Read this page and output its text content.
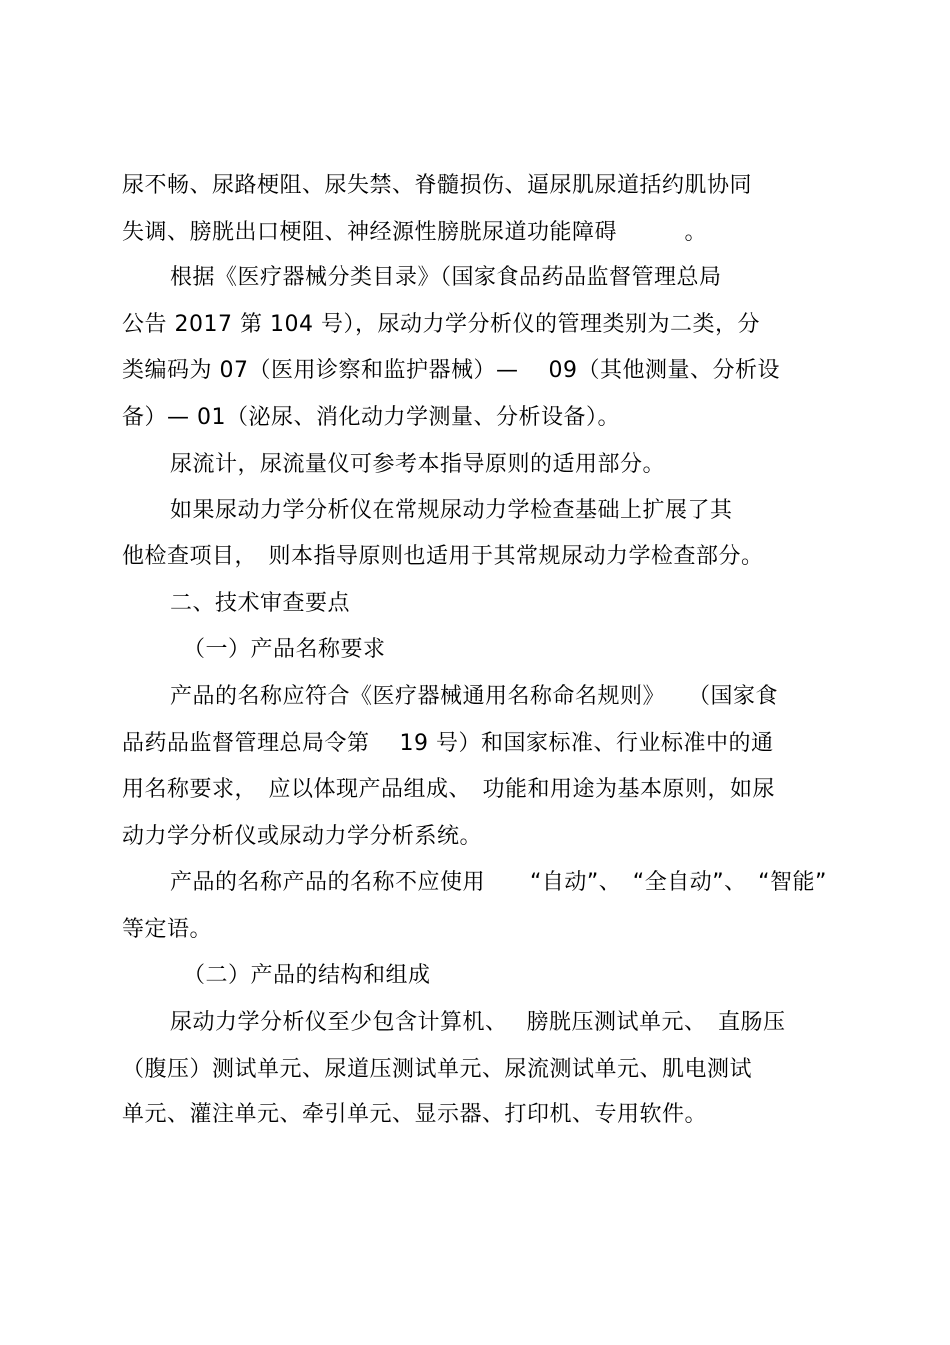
尿不畅、尿路梗阻、尿失禁、脊髓损伤、逼尿肌尿道括约肌协同
失调、膀胱出口梗阻、神经源性膀胱尿道功能障碍　　　。
根据《医疗器械分类目录》（国家食品药品监督管理总局
公告 2017 第 104 号），尿动力学分析仪的管理类别为二类，分
类编码为 07（医用诊察和监护器械）—　 09（其他测量、分析设
备）— 01（泌尿、消化动力学测量、分析设备）。
尿流计，尿流量仪可参考本指导原则的适用部分。
如果尿动力学分析仪在常规尿动力学检查基础上扩展了其
他检查项目，　则本指导原则也适用于其常规尿动力学检查部分。
二、技术审查要点
（一）产品名称要求
产品的名称应符合《医疗器械通用名称命名规则》　　（国家食
品药品监督管理总局令第　 19 号）和国家标准、行业标准中的通
用名称要求，　应以体现产品组成、　功能和用途为基本原则，如尿
动力学分析仪或尿动力学分析系统。
产品的名称产品的名称不应使用　　“自动”、　“全自动”、　“智能”
等定语。
（二）产品的结构和组成
尿动力学分析仪至少包含计算机、　 膀胱压测试单元、　直肠压
（腹压）测试单元、尿道压测试单元、尿流测试单元、肌电测试
单元、灌注单元、牵引单元、显示器、打印机、专用软件。
